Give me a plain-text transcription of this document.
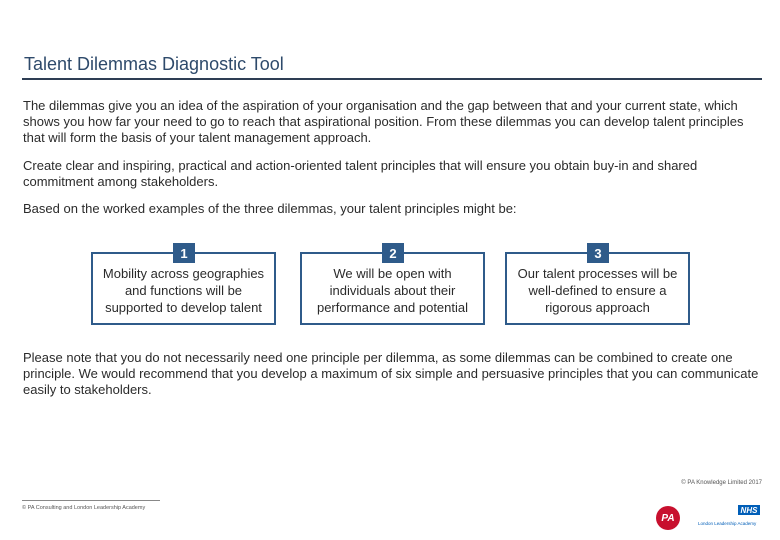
Talent Dilemmas Diagnostic Tool
The dilemmas give you an idea of the aspiration of your organisation and the gap between that and your current state, which shows you how far your need to go to reach that aspirational position. From these dilemmas you can develop talent principles that will form the basis of your talent management approach.
Create clear and inspiring, practical and action-oriented talent principles that will ensure you obtain buy-in and shared commitment among stakeholders.
Based on the worked examples of the three dilemmas, your talent principles might be:
Mobility across geographies and functions will be supported to develop talent
1
We will be open with individuals about their performance and potential
2
Our talent processes will be well-defined to ensure a rigorous approach
3
Please note that you do not necessarily need one principle per dilemma, as some dilemmas can be combined to create one principle. We would recommend that you develop a maximum of six simple and persuasive principles that you can communicate easily to stakeholders.
© PA Knowledge Limited 2017
© PA Consulting and London Leadership Academy
PA
NHS
London Leadership Academy
